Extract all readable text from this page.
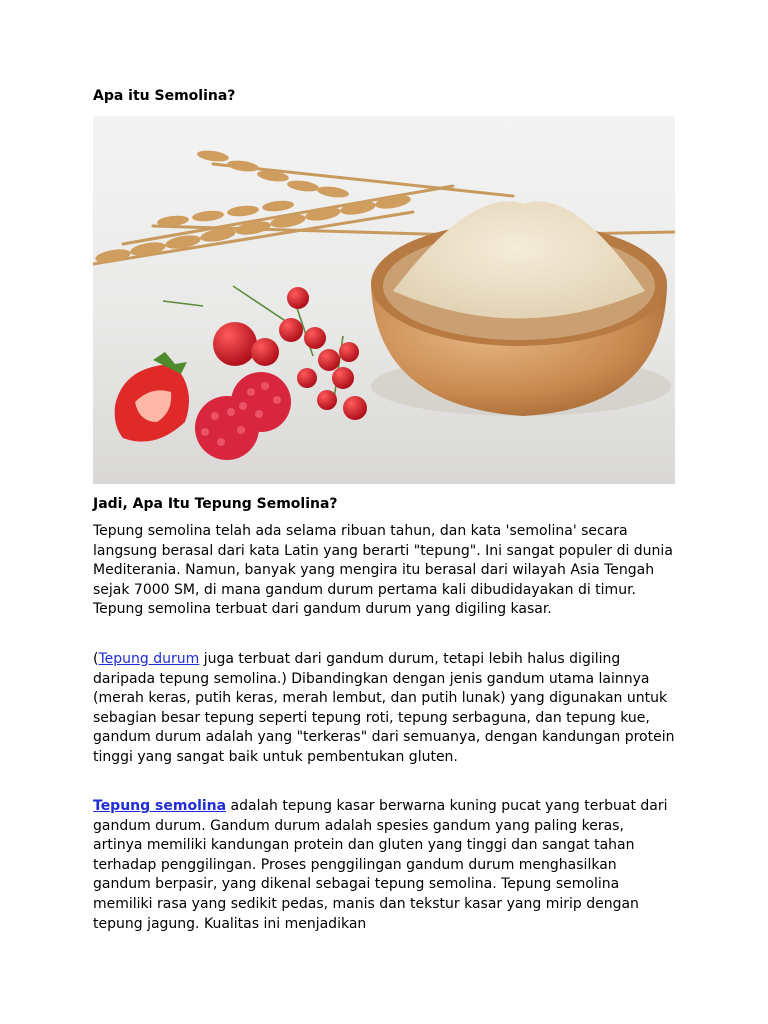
Apa itu Semolina?
Jadi, Apa Itu Tepung Semolina?

Tepung semolina telah ada selama ribuan tahun, dan kata 'semolina' secara langsung berasal dari kata Latin yang berarti "tepung". Ini sangat populer di dunia Mediterania. Namun, banyak yang mengira itu berasal dari wilayah Asia Tengah sejak 7000 SM, di mana gandum durum pertama kali dibudidayakan di timur. Tepung semolina terbuat dari gandum durum yang digiling kasar.

(Tepung durum juga terbuat dari gandum durum, tetapi lebih halus digiling daripada tepung semolina.) Dibandingkan dengan jenis gandum utama lainnya (merah keras, putih keras, merah lembut, dan putih lunak) yang digunakan untuk sebagian besar tepung seperti tepung roti, tepung serbaguna, dan tepung kue, gandum durum adalah yang "terkeras" dari semuanya, dengan kandungan protein tinggi yang sangat baik untuk pembentukan gluten.

Tepung semolina adalah tepung kasar berwarna kuning pucat yang terbuat dari gandum durum. Gandum durum adalah spesies gandum yang paling keras, artinya memiliki kandungan protein dan gluten yang tinggi dan sangat tahan terhadap penggilingan. Proses penggilingan gandum durum menghasilkan gandum berpasir, yang dikenal sebagai tepung semolina. Tepung semolina memiliki rasa yang sedikit pedas, manis dan tekstur kasar yang mirip dengan tepung jagung. Kualitas ini menjadikan
